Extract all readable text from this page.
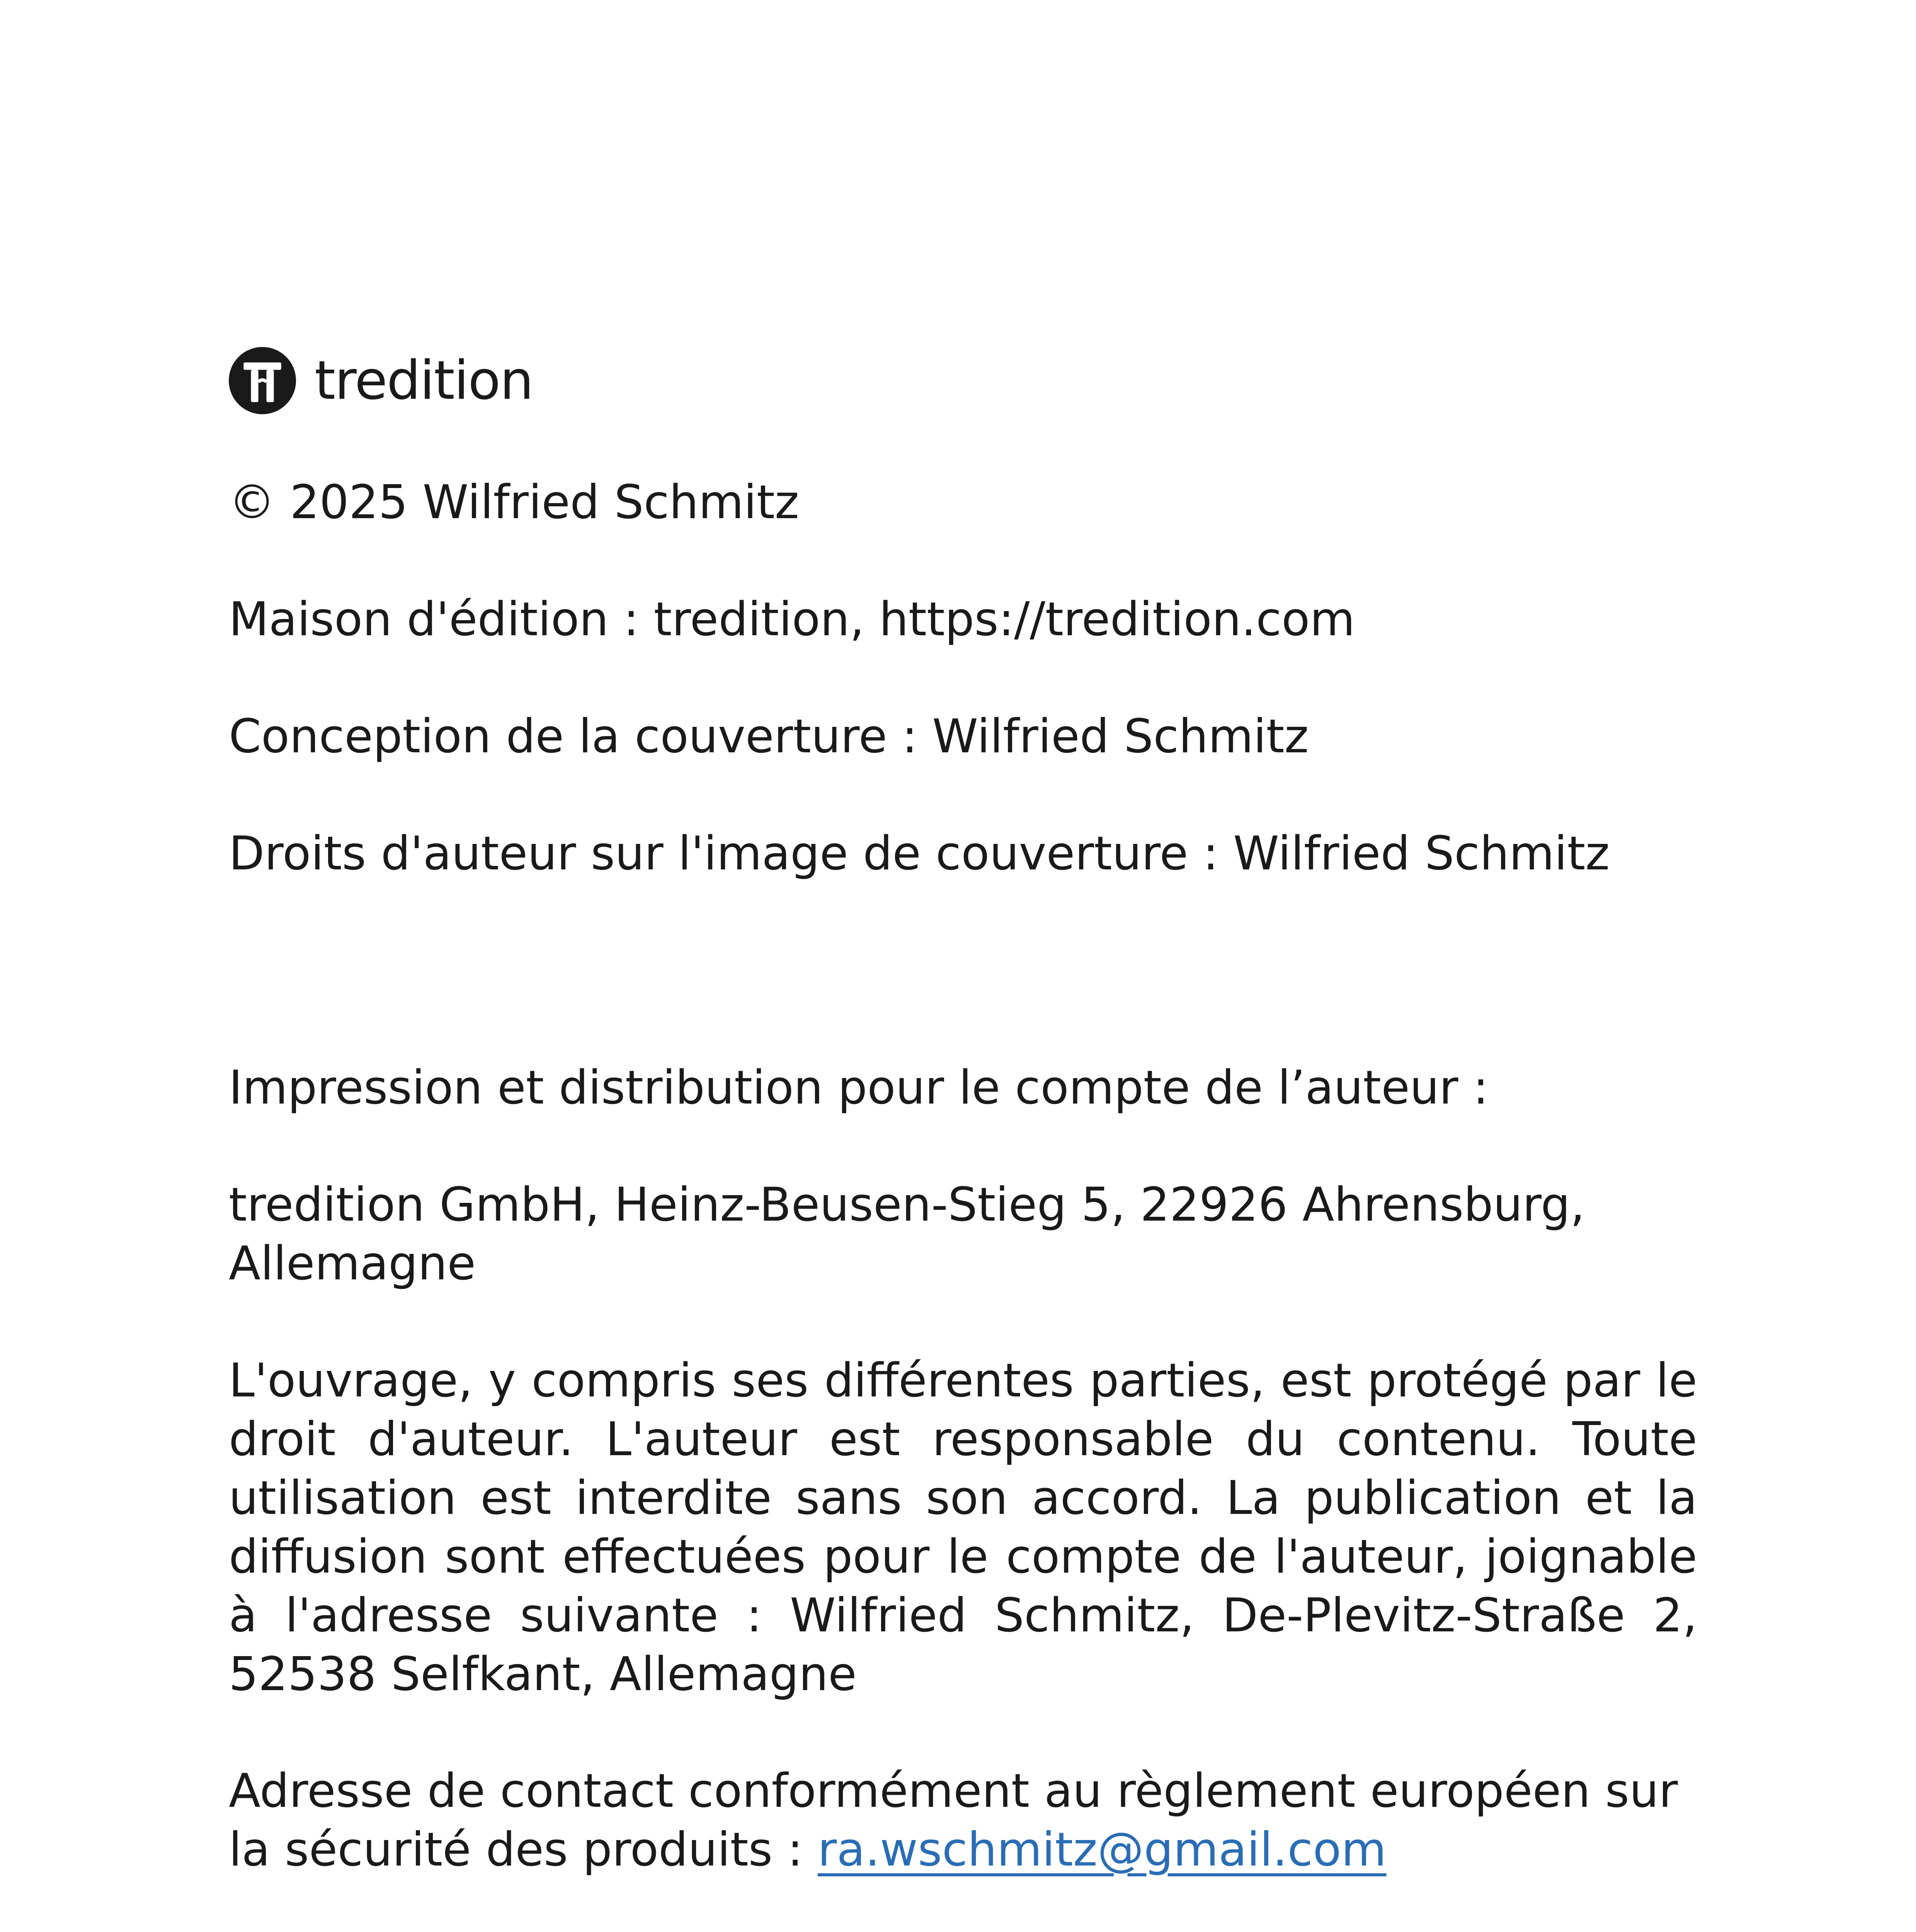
tredition
© 2025 Wilfried Schmitz
Maison d'édition : tredition, https://tredition.com
Conception de la couverture : Wilfried Schmitz
Droits d'auteur sur l'image de couverture : Wilfried Schmitz
Impression et distribution pour le compte de l’auteur :
tredition GmbH, Heinz-Beusen-Stieg 5, 22926 Ahrensburg, Allemagne
L'ouvrage, y compris ses différentes parties, est protégé par le droit d'auteur. L'auteur est responsable du contenu. Toute utilisation est interdite sans son accord. La publication et la diffusion sont effectuées pour le compte de l'auteur, joignable à l'adresse suivante : Wilfried Schmitz, De-Plevitz-Straße 2, 52538 Selfkant, Allemagne
Adresse de contact conformément au règlement européen sur la sécurité des produits : ra.wschmitz@gmail.com
